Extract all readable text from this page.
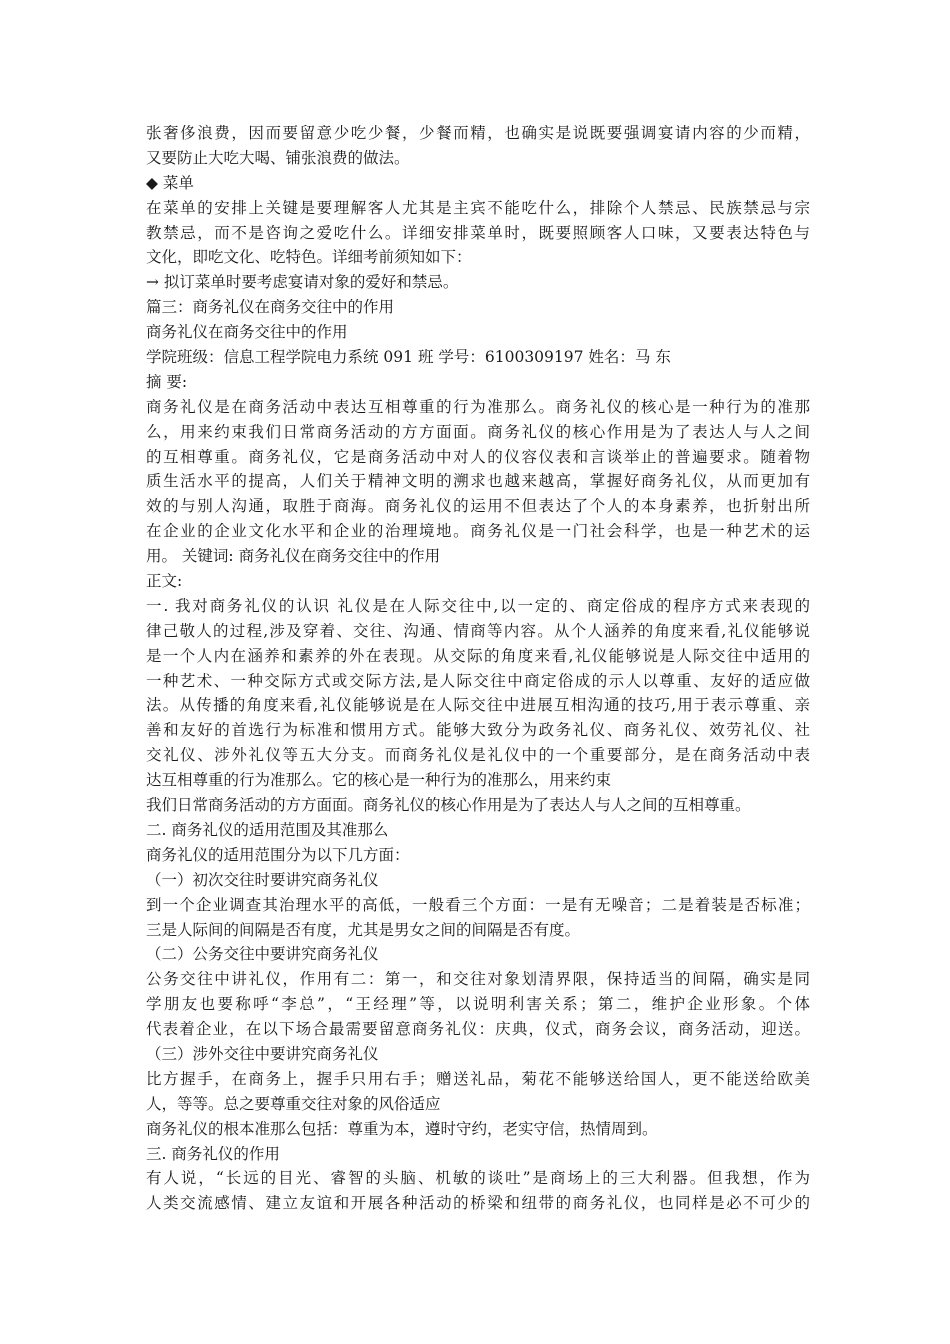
张奢侈浪费，因而要留意少吃少餐，少餐而精，也确实是说既要强调宴请内容的少而精，
又要防止大吃大喝、铺张浪费的做法。
◆ 菜单
在菜单的安排上关键是要理解客人尤其是主宾不能吃什么，排除个人禁忌、民族禁忌与宗
教禁忌，而不是咨询之爱吃什么。详细安排菜单时，既要照顾客人口味，又要表达特色与
文化，即吃文化、吃特色。详细考前须知如下：
→ 拟订菜单时要考虑宴请对象的爱好和禁忌。
篇三：商务礼仪在商务交往中的作用
商务礼仪在商务交往中的作用
学院班级：信息工程学院电力系统 091 班 学号：6100309197 姓名：马 东
摘 要:
商务礼仪是在商务活动中表达互相尊重的行为准那么。商务礼仪的核心是一种行为的准那
么，用来约束我们日常商务活动的方方面面。商务礼仪的核心作用是为了表达人与人之间
的互相尊重。商务礼仪，它是商务活动中对人的仪容仪表和言谈举止的普遍要求。随着物
质生活水平的提高，人们关于精神文明的溯求也越来越高，掌握好商务礼仪，从而更加有
效的与别人沟通，取胜于商海。商务礼仪的运用不但表达了个人的本身素养，也折射出所
在企业的企业文化水平和企业的治理境地。商务礼仪是一门社会科学，也是一种艺术的运
用。 关键词: 商务礼仪在商务交往中的作用
正文:
一. 我对商务礼仪的认识 礼仪是在人际交往中,以一定的、商定俗成的程序方式来表现的
律己敬人的过程,涉及穿着、交往、沟通、情商等内容。从个人涵养的角度来看,礼仪能够说
是一个人内在涵养和素养的外在表现。从交际的角度来看,礼仪能够说是人际交往中适用的
一种艺术、一种交际方式或交际方法,是人际交往中商定俗成的示人以尊重、友好的适应做
法。从传播的角度来看,礼仪能够说是在人际交往中进展互相沟通的技巧,用于表示尊重、亲
善和友好的首选行为标准和惯用方式。能够大致分为政务礼仪、商务礼仪、效劳礼仪、社
交礼仪、涉外礼仪等五大分支。而商务礼仪是礼仪中的一个重要部分，是在商务活动中表
达互相尊重的行为准那么。它的核心是一种行为的准那么，用来约束
我们日常商务活动的方方面面。商务礼仪的核心作用是为了表达人与人之间的互相尊重。
二. 商务礼仪的适用范围及其准那么
商务礼仪的适用范围分为以下几方面：
（一）初次交往时要讲究商务礼仪
到一个企业调查其治理水平的高低，一般看三个方面：一是有无噪音；二是着装是否标准；
三是人际间的间隔是否有度，尤其是男女之间的间隔是否有度。
（二）公务交往中要讲究商务礼仪
公务交往中讲礼仪，作用有二：第一，和交往对象划清界限，保持适当的间隔，确实是同
学朋友也要称呼“李总”，“王经理”等，以说明利害关系；第二，维护企业形象。个体
代表着企业，在以下场合最需要留意商务礼仪：庆典，仪式，商务会议，商务活动，迎送。
（三）涉外交往中要讲究商务礼仪
比方握手，在商务上，握手只用右手；赠送礼品，菊花不能够送给国人，更不能送给欧美
人，等等。总之要尊重交往对象的风俗适应
商务礼仪的根本准那么包括：尊重为本，遵时守约，老实守信，热情周到。
三. 商务礼仪的作用
有人说，“长远的目光、睿智的头脑、机敏的谈吐”是商场上的三大利器。但我想，作为
人类交流感情、建立友谊和开展各种活动的桥梁和纽带的商务礼仪，也同样是必不可少的
